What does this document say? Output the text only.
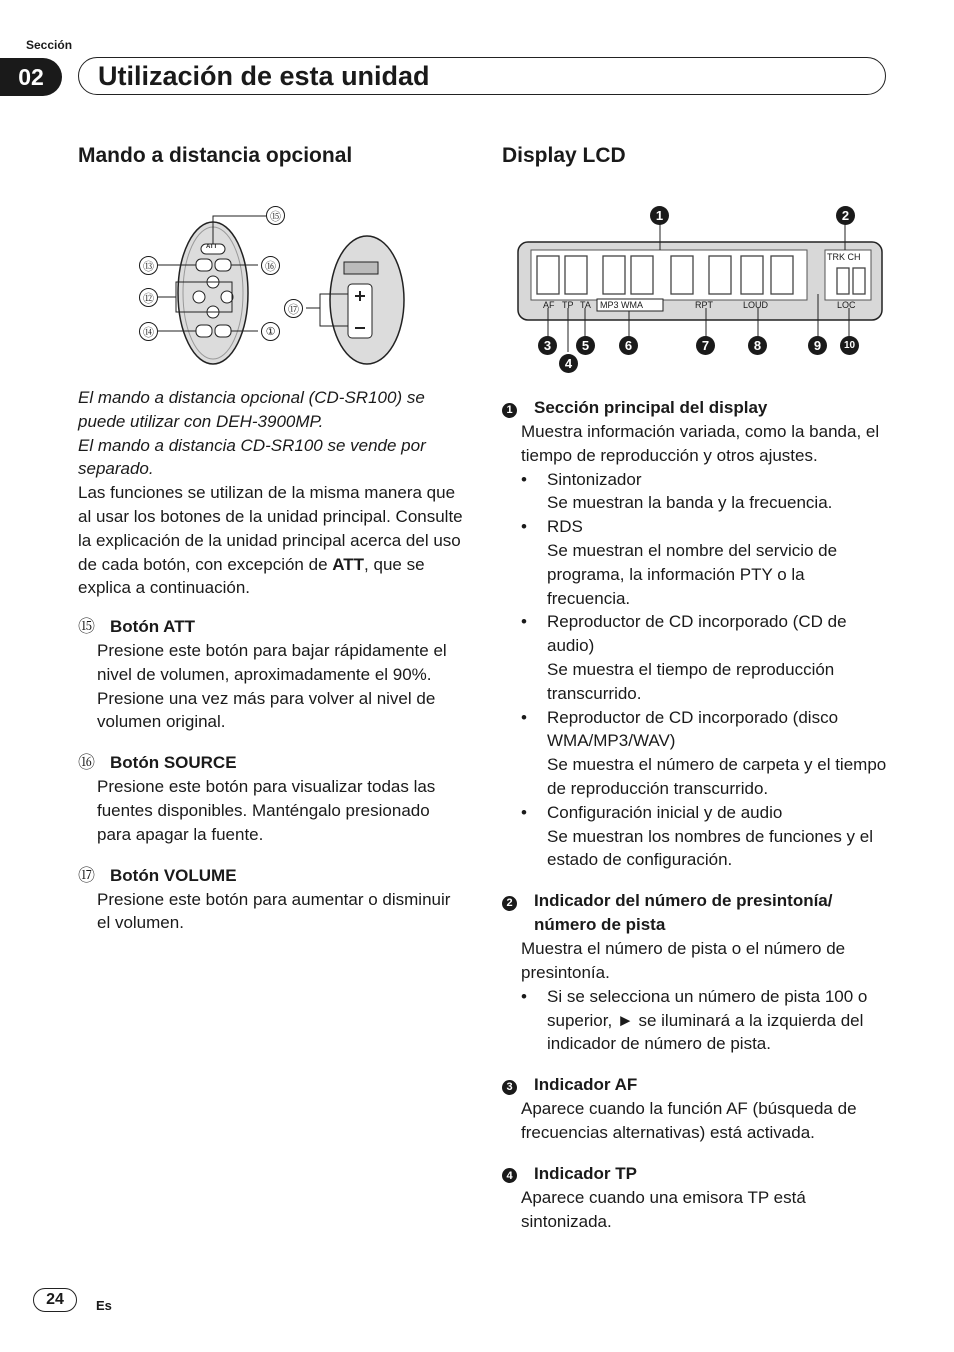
Sección
02	Utilización de esta unidad
Mando a distancia opcional
⑮
⑯
⑬
⑫
⑭	①
⑰
ATT
El mando a distancia opcional (CD-SR100) se puede utilizar con DEH-3900MP.
El mando a distancia CD-SR100 se vende por separado.
Las funciones se utilizan de la misma manera que al usar los botones de la unidad principal. Consulte la explicación de la unidad principal acerca del uso de cada botón, con excepción de ATT, que se explica a continuación.
⑮ Botón ATT
Presione este botón para bajar rápidamente el nivel de volumen, aproximadamente el 90%. Presione una vez más para volver al nivel de volumen original.
⑯ Botón SOURCE
Presione este botón para visualizar todas las fuentes disponibles. Manténgalo presionado para apagar la fuente.
⑰ Botón VOLUME
Presione este botón para aumentar o disminuir el volumen.
Display LCD
AF TP TA MP3 WMA	RPT	LOUD	LOC
TRK CH
1	2
3
4
5	6	7	8	9	10
1	Sección principal del display
Muestra información variada, como la banda, el tiempo de reproducción y otros ajustes.
•	Sintonizador
Se muestran la banda y la frecuencia.
•	RDS
Se muestran el nombre del servicio de programa, la información PTY o la frecuencia.
•	Reproductor de CD incorporado (CD de audio)
Se muestra el tiempo de reproducción transcurrido.
•	Reproductor de CD incorporado (disco WMA/MP3/WAV)
Se muestra el número de carpeta y el tiempo de reproducción transcurrido.
•	Configuración inicial y de audio
Se muestran los nombres de funciones y el estado de configuración.
2	Indicador del número de presintonía/ número de pista
Muestra el número de pista o el número de presintonía.
•	Si se selecciona un número de pista 100 o superior, ► se iluminará a la izquierda del indicador de número de pista.
3	Indicador AF
Aparece cuando la función AF (búsqueda de frecuencias alternativas) está activada.
4	Indicador TP
Aparece cuando una emisora TP está sintonizada.
24	Es
